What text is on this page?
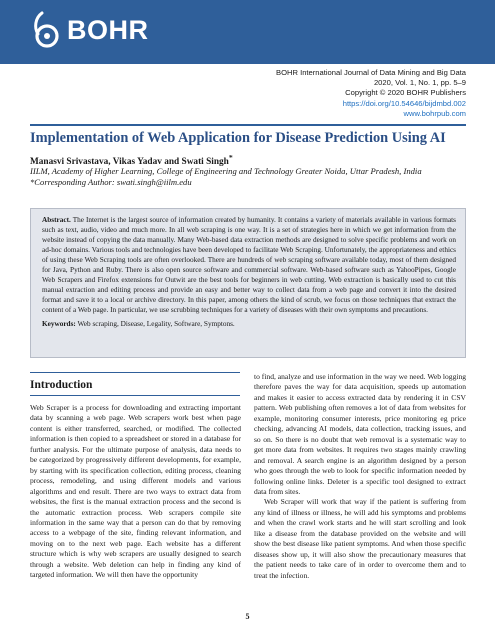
BOHR
BOHR International Journal of Data Mining and Big Data
2020, Vol. 1, No. 1, pp. 5–9
Copyright © 2020 BOHR Publishers
https://doi.org/10.54646/bijdmbd.002
www.bohrpub.com
Implementation of Web Application for Disease Prediction Using AI
Manasvi Srivastava, Vikas Yadav and Swati Singh*

IILM, Academy of Higher Learning, College of Engineering and Technology Greater Noida, Uttar Pradesh, India

*Corresponding Author: swati.singh@iilm.edu

Abstract. The Internet is the largest source of information created by humanity. It contains a variety of materials available in various formats such as text, audio, video and much more. In all web scraping is one way. It is a set of strategies here in which we get information from the website instead of copying the data manually. Many Web-based data extraction methods are designed to solve specific problems and work on ad-hoc domains. Various tools and technologies have been developed to facilitate Web Scraping. Unfortunately, the appropriateness and ethics of using these Web Scraping tools are often overlooked. There are hundreds of web scraping software available today, most of them designed for Java, Python and Ruby. There is also open source software and commercial software. Web-based software such as YahooPipes, Google Web Scrapers and Firefox extensions for Outwit are the best tools for beginners in web cutting. Web extraction is basically used to cut this manual extraction and editing process and provide an easy and better way to collect data from a web page and convert it into the desired format and save it to a local or archive directory. In this paper, among others the kind of scrub, we focus on those techniques that extract the content of a Web page. In particular, we use scrubbing techniques for a variety of diseases with their own symptoms and precautions.

Keywords: Web scraping, Disease, Legality, Software, Symptons.

Introduction

Web Scraper is a process for downloading and extracting important data by scanning a web page. Web scrapers work best when page content is either transferred, searched, or modified. The collected information is then copied to a spreadsheet or stored in a database for further analysis. For the ultimate purpose of analysis, data needs to be categorized by progressively different developments, for example, by starting with its specification collection, editing process, cleaning process, remodeling, and using different models and various algorithms and end result. There are two ways to extract data from websites, the first is the manual extraction process and the second is the automatic extraction process. Web scrapers compile site information in the same way that a person can do that by removing access to a webpage of the site, finding relevant information, and moving on to the next web page. Each website has a different structure which is why web scrapers are usually designed to search through a website. Web deletion can help in finding any kind of targeted information. We will then have the opportunity

to find, analyze and use information in the way we need. Web logging therefore paves the way for data acquisition, speeds up automation and makes it easier to access extracted data by rendering it in CSV pattern. Web publishing often removes a lot of data from websites for example, monitoring consumer interests, price monitoring eg price checking, advancing AI models, data collection, tracking issues, and so on. So there is no doubt that web removal is a systematic way to get more data from websites. It requires two stages mainly crawling and removal. A search engine is an algorithm designed by a person who goes through the web to look for specific information needed by following online links. Deleter is a specific tool designed to extract data from sites.

Web Scraper will work that way if the patient is suffering from any kind of illness or illness, he will add his symptoms and problems and when the crawl work starts and he will start scrolling and look like a disease from the database provided on the website and will show the best disease like patient symptoms. And when those specific diseases show up, it will also show the precautionary measures that the patient needs to take care of in order to overcome them and to treat the infection.

5
